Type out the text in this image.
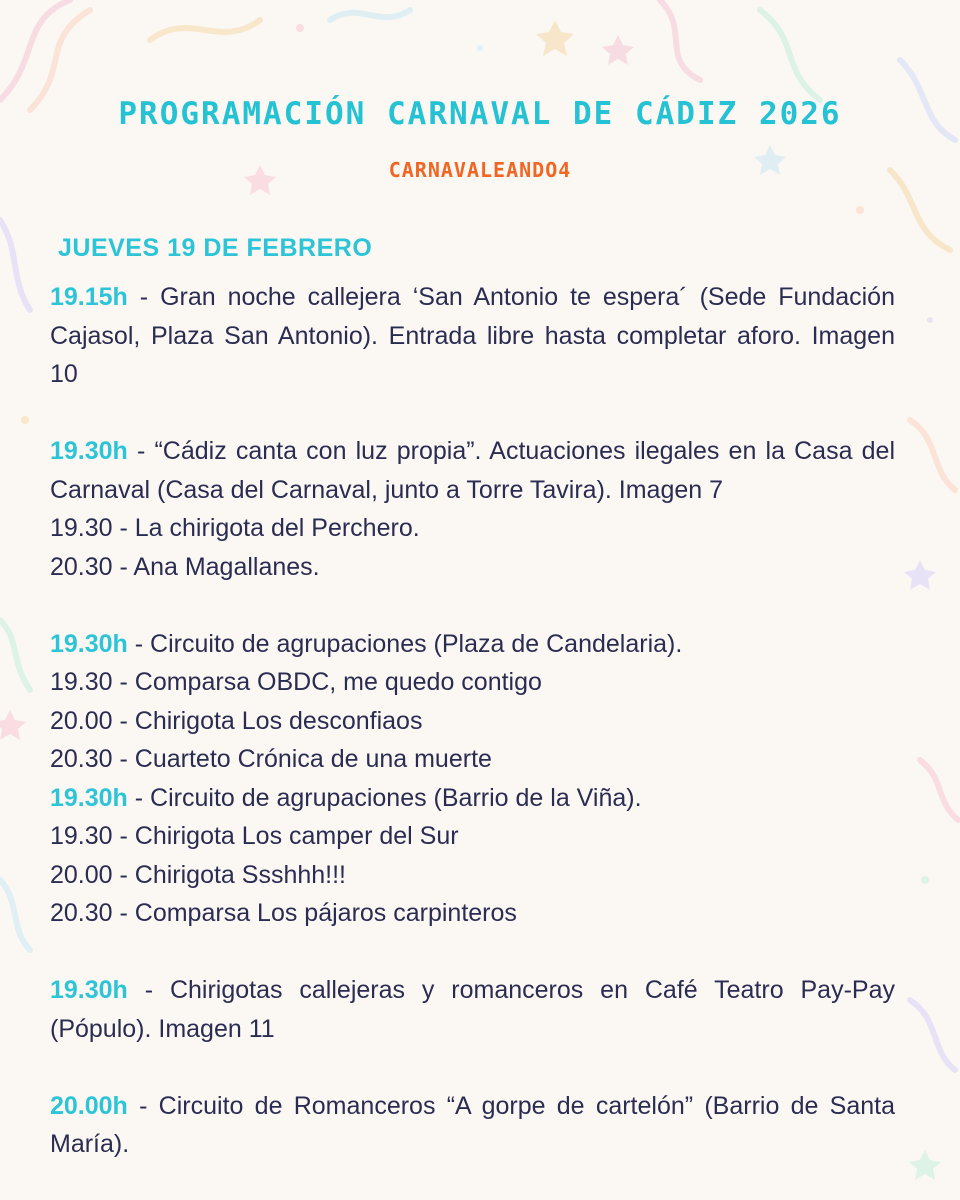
PROGRAMACIÓN CARNAVAL DE CÁDIZ 2026
CARNAVALEANDO4
JUEVES 19 DE FEBRERO
19.15h - Gran noche callejera ‘San Antonio te espera´ (Sede Fundación Cajasol, Plaza San Antonio). Entrada libre hasta completar aforo. Imagen 10
19.30h - “Cádiz canta con luz propia”. Actuaciones ilegales en la Casa del Carnaval (Casa del Carnaval, junto a Torre Tavira). Imagen 7
19.30 - La chirigota del Perchero.
20.30 - Ana Magallanes.
19.30h - Circuito de agrupaciones (Plaza de Candelaria).
19.30 - Comparsa OBDC, me quedo contigo
20.00 - Chirigota Los desconfiaos
20.30 - Cuarteto Crónica de una muerte
19.30h - Circuito de agrupaciones (Barrio de la Viña).
19.30 - Chirigota Los camper del Sur
20.00 - Chirigota Ssshhh!!!
20.30 - Comparsa Los pájaros carpinteros
19.30h - Chirigotas callejeras y romanceros en Café Teatro Pay-Pay (Pópulo). Imagen 11
20.00h - Circuito de Romanceros “A gorpe de cartelón” (Barrio de Santa María).
